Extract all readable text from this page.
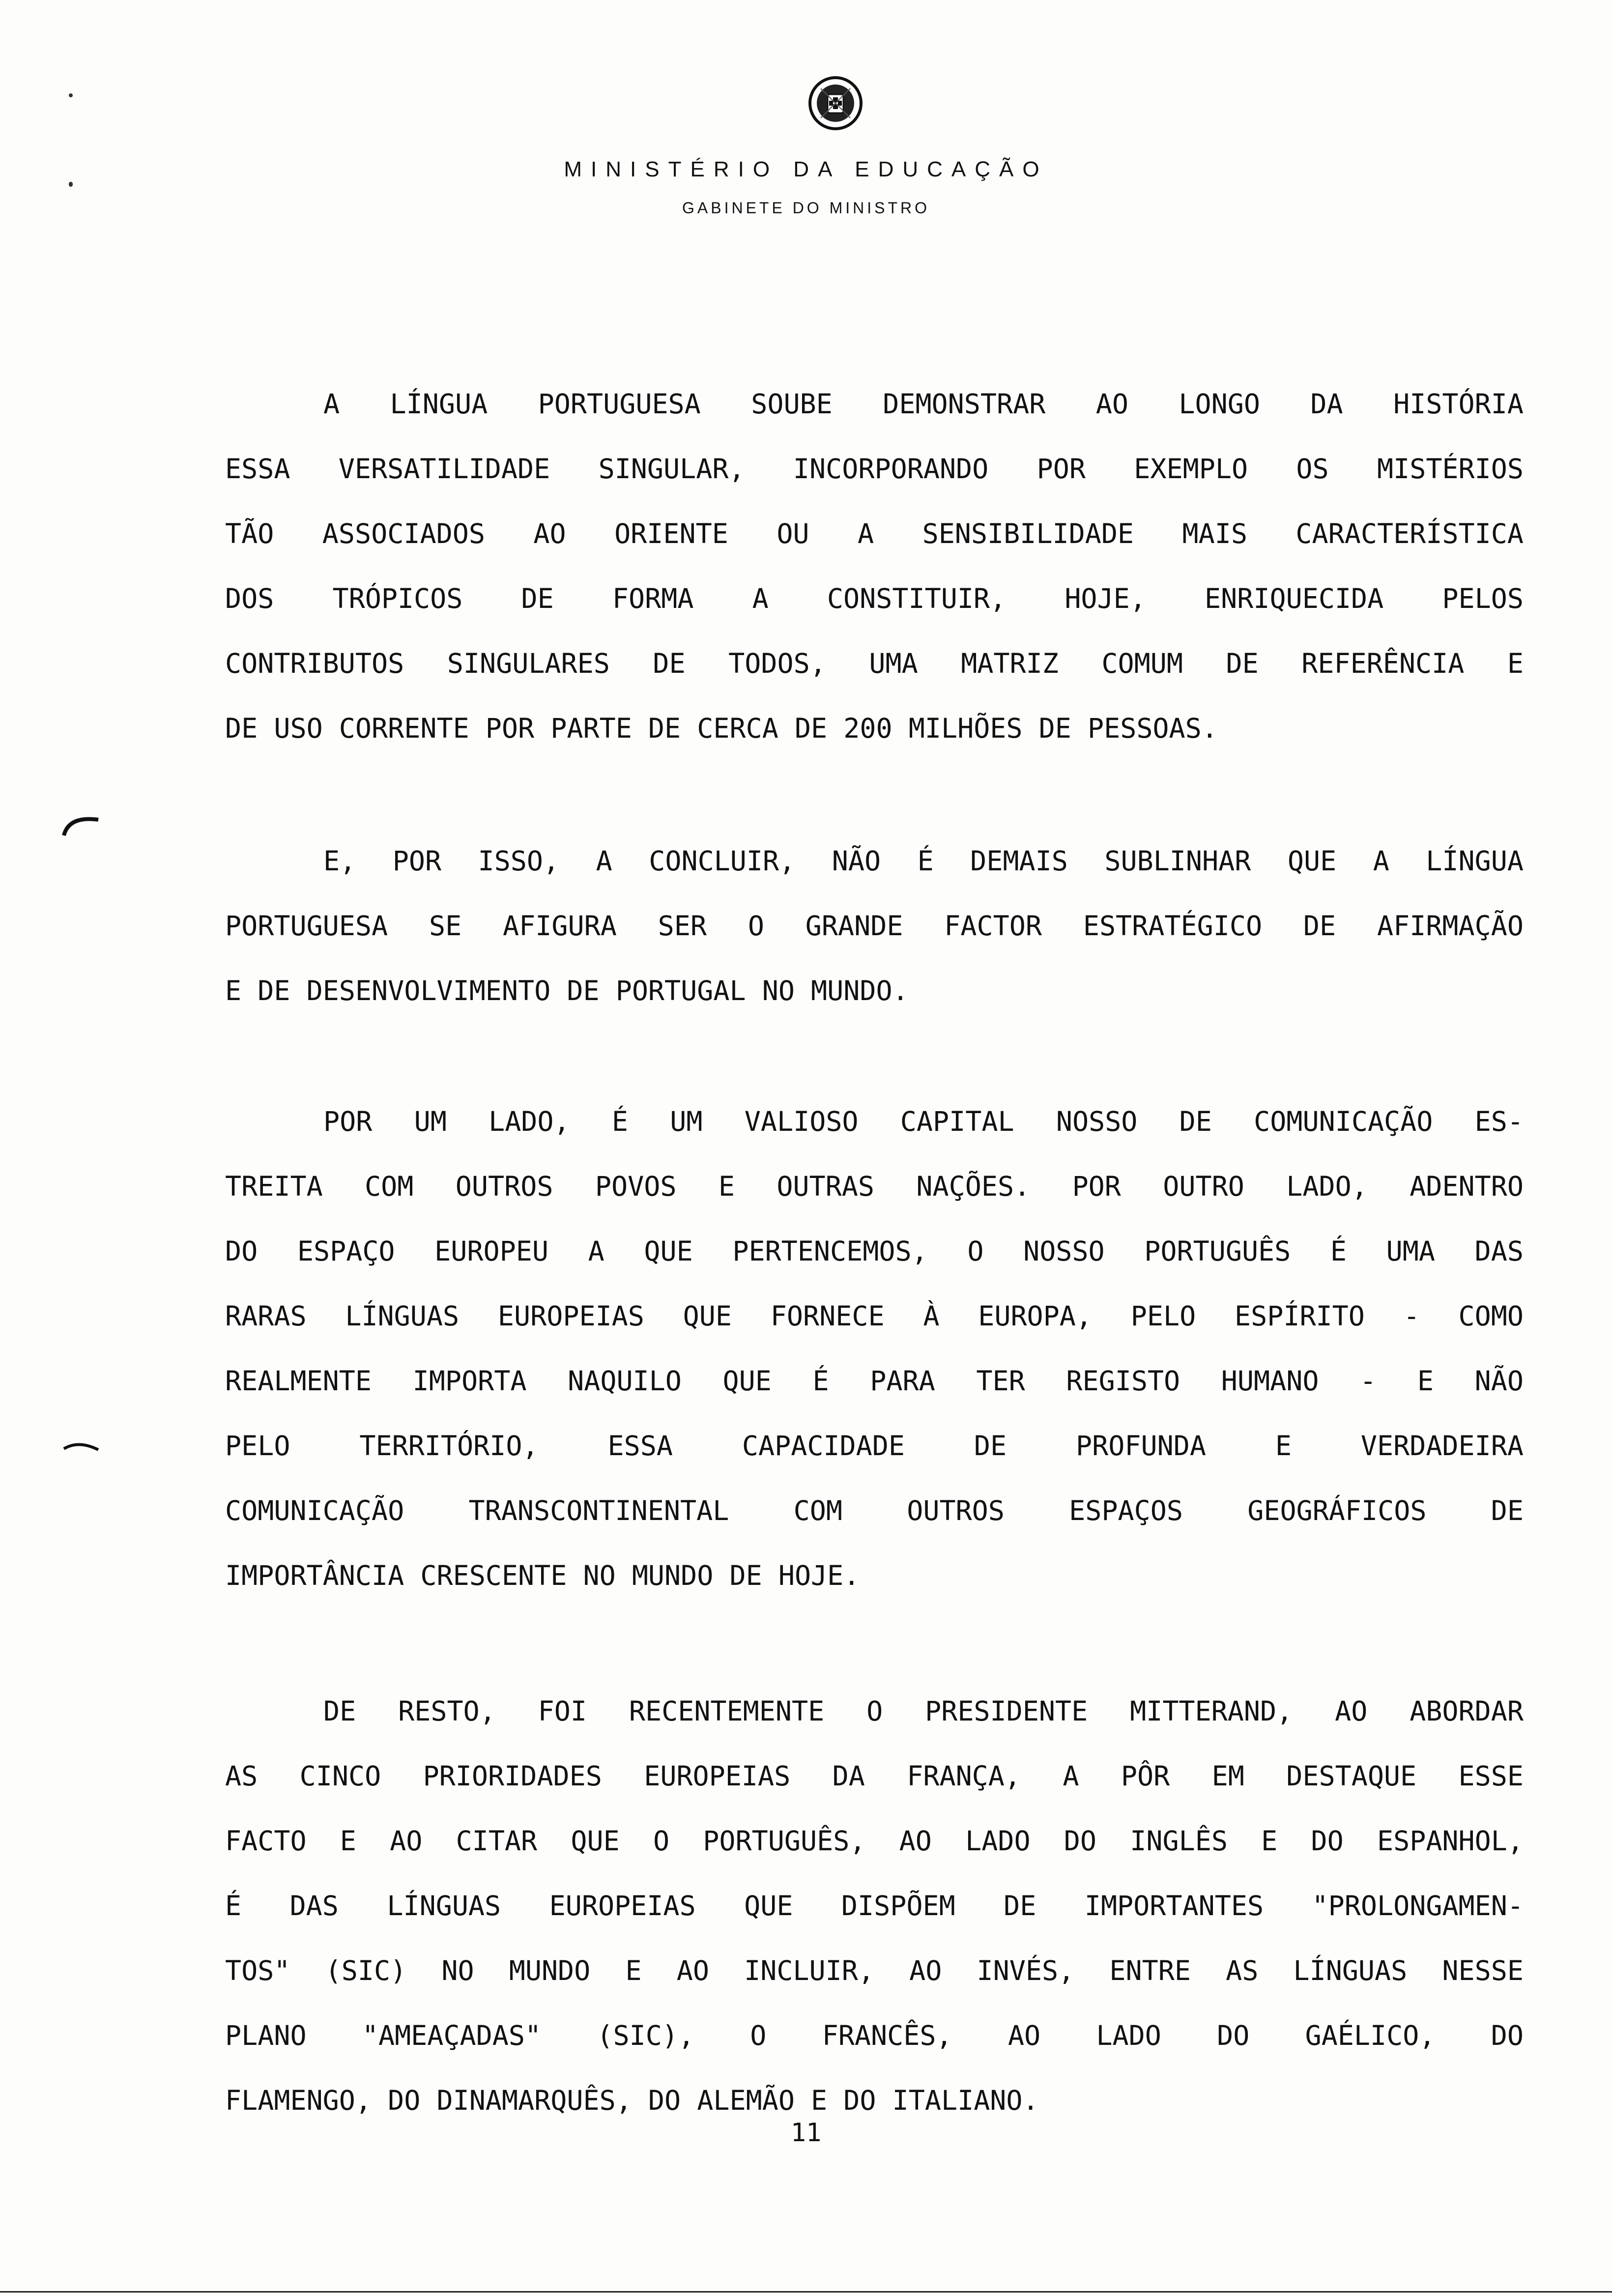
MINISTÉRIO DA EDUCAÇÃO
GABINETE DO MINISTRO
A LÍNGUA PORTUGUESA SOUBE DEMONSTRAR AO LONGO DA HISTÓRIA
ESSA VERSATILIDADE SINGULAR, INCORPORANDO POR EXEMPLO OS MISTÉRIOS
TÃO ASSOCIADOS AO ORIENTE OU A SENSIBILIDADE MAIS CARACTERÍSTICA
DOS TRÓPICOS DE FORMA A CONSTITUIR, HOJE, ENRIQUECIDA PELOS
CONTRIBUTOS SINGULARES DE TODOS, UMA MATRIZ COMUM DE REFERÊNCIA E
DE USO CORRENTE POR PARTE DE CERCA DE 200 MILHÕES DE PESSOAS.
E, POR ISSO, A CONCLUIR, NÃO É DEMAIS SUBLINHAR QUE A LÍNGUA
PORTUGUESA SE AFIGURA SER O GRANDE FACTOR ESTRATÉGICO DE AFIRMAÇÃO
E DE DESENVOLVIMENTO DE PORTUGAL NO MUNDO.
POR UM LADO, É UM VALIOSO CAPITAL NOSSO DE COMUNICAÇÃO ES-
TREITA COM OUTROS POVOS E OUTRAS NAÇÕES. POR OUTRO LADO, ADENTRO
DO ESPAÇO EUROPEU A QUE PERTENCEMOS, O NOSSO PORTUGUÊS É UMA DAS
RARAS LÍNGUAS EUROPEIAS QUE FORNECE À EUROPA, PELO ESPÍRITO - COMO
REALMENTE IMPORTA NAQUILO QUE É PARA TER REGISTO HUMANO - E NÃO
PELO TERRITÓRIO, ESSA CAPACIDADE DE PROFUNDA E VERDADEIRA
COMUNICAÇÃO TRANSCONTINENTAL COM OUTROS ESPAÇOS GEOGRÁFICOS DE
IMPORTÂNCIA CRESCENTE NO MUNDO DE HOJE.
DE RESTO, FOI RECENTEMENTE O PRESIDENTE MITTERAND, AO ABORDAR
AS CINCO PRIORIDADES EUROPEIAS DA FRANÇA, A PÔR EM DESTAQUE ESSE
FACTO E AO CITAR QUE O PORTUGUÊS, AO LADO DO INGLÊS E DO ESPANHOL,
É DAS LÍNGUAS EUROPEIAS QUE DISPÕEM DE IMPORTANTES "PROLONGAMEN-
TOS" (SIC) NO MUNDO E AO INCLUIR, AO INVÉS, ENTRE AS LÍNGUAS NESSE
PLANO "AMEAÇADAS" (SIC), O FRANCÊS, AO LADO DO GAÉLICO, DO
FLAMENGO, DO DINAMARQUÊS, DO ALEMÃO E DO ITALIANO.
11
